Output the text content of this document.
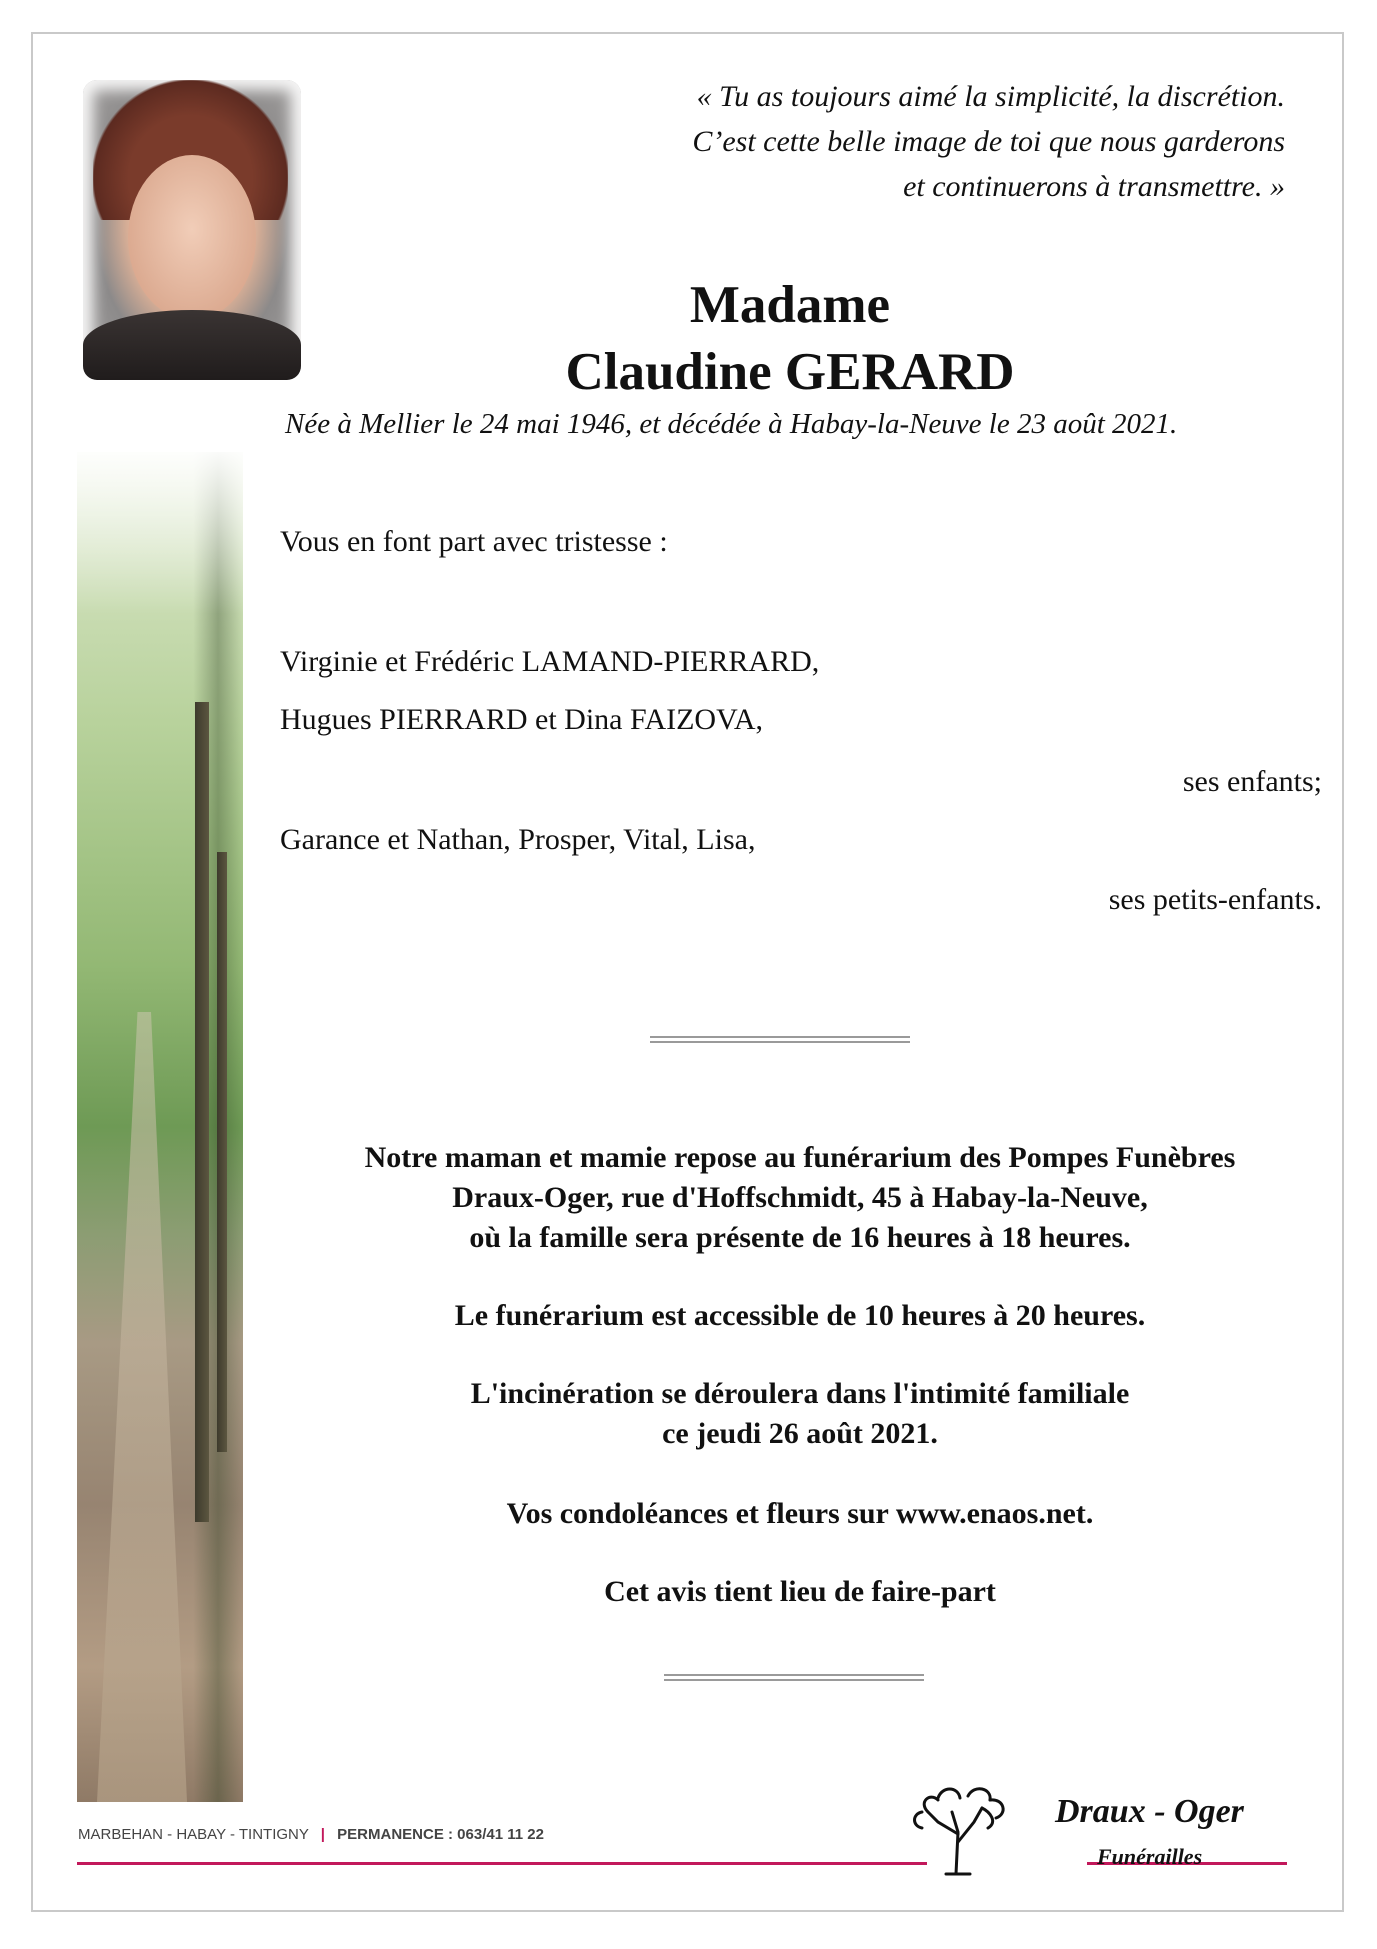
« Tu as toujours aimé la simplicité, la discrétion.
C’est cette belle image de toi que nous garderons
et continuerons à transmettre. »
Madame
Claudine GERARD
Née à Mellier le 24 mai 1946, et décédée à Habay-la-Neuve le 23 août 2021.
Vous en font part avec tristesse :
Virginie et Frédéric LAMAND-PIERRARD,
Hugues PIERRARD et Dina FAIZOVA,
ses enfants;
Garance et Nathan, Prosper, Vital, Lisa,
ses petits-enfants.
Notre maman et mamie repose au funérarium des Pompes Funèbres
Draux-Oger, rue d'Hoffschmidt, 45 à Habay-la-Neuve,
où la famille sera présente de 16 heures à 18 heures.
Le funérarium est accessible de 10 heures à 20 heures.
L'incinération se déroulera dans l'intimité familiale
ce jeudi 26 août 2021.
Vos condoléances et fleurs sur www.enaos.net.
Cet avis tient lieu de faire-part
MARBEHAN - HABAY - TINTIGNY | PERMANENCE : 063/41 11 22
Draux - Oger
Funérailles
